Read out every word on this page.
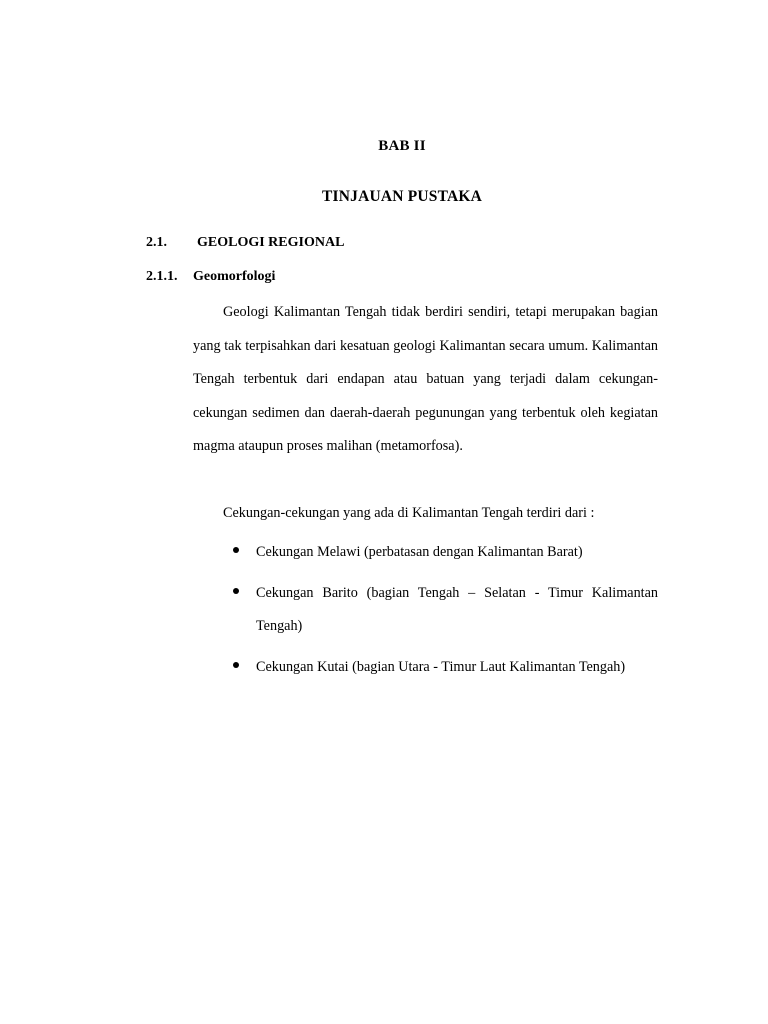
BAB II
TINJAUAN PUSTAKA
2.1. GEOLOGI REGIONAL
2.1.1. Geomorfologi

Geologi Kalimantan Tengah tidak berdiri sendiri, tetapi merupakan bagian yang tak terpisahkan dari kesatuan geologi Kalimantan secara umum. Kalimantan Tengah terbentuk dari endapan atau batuan yang terjadi dalam cekungan-cekungan sedimen dan daerah-daerah pegunungan yang terbentuk oleh kegiatan magma ataupun proses malihan (metamorfosa).

Cekungan-cekungan yang ada di Kalimantan Tengah terdiri dari :

Cekungan Melawi (perbatasan dengan Kalimantan Barat)
Cekungan Barito (bagian Tengah – Selatan - Timur Kalimantan Tengah)
Cekungan Kutai (bagian Utara - Timur Laut Kalimantan Tengah)
